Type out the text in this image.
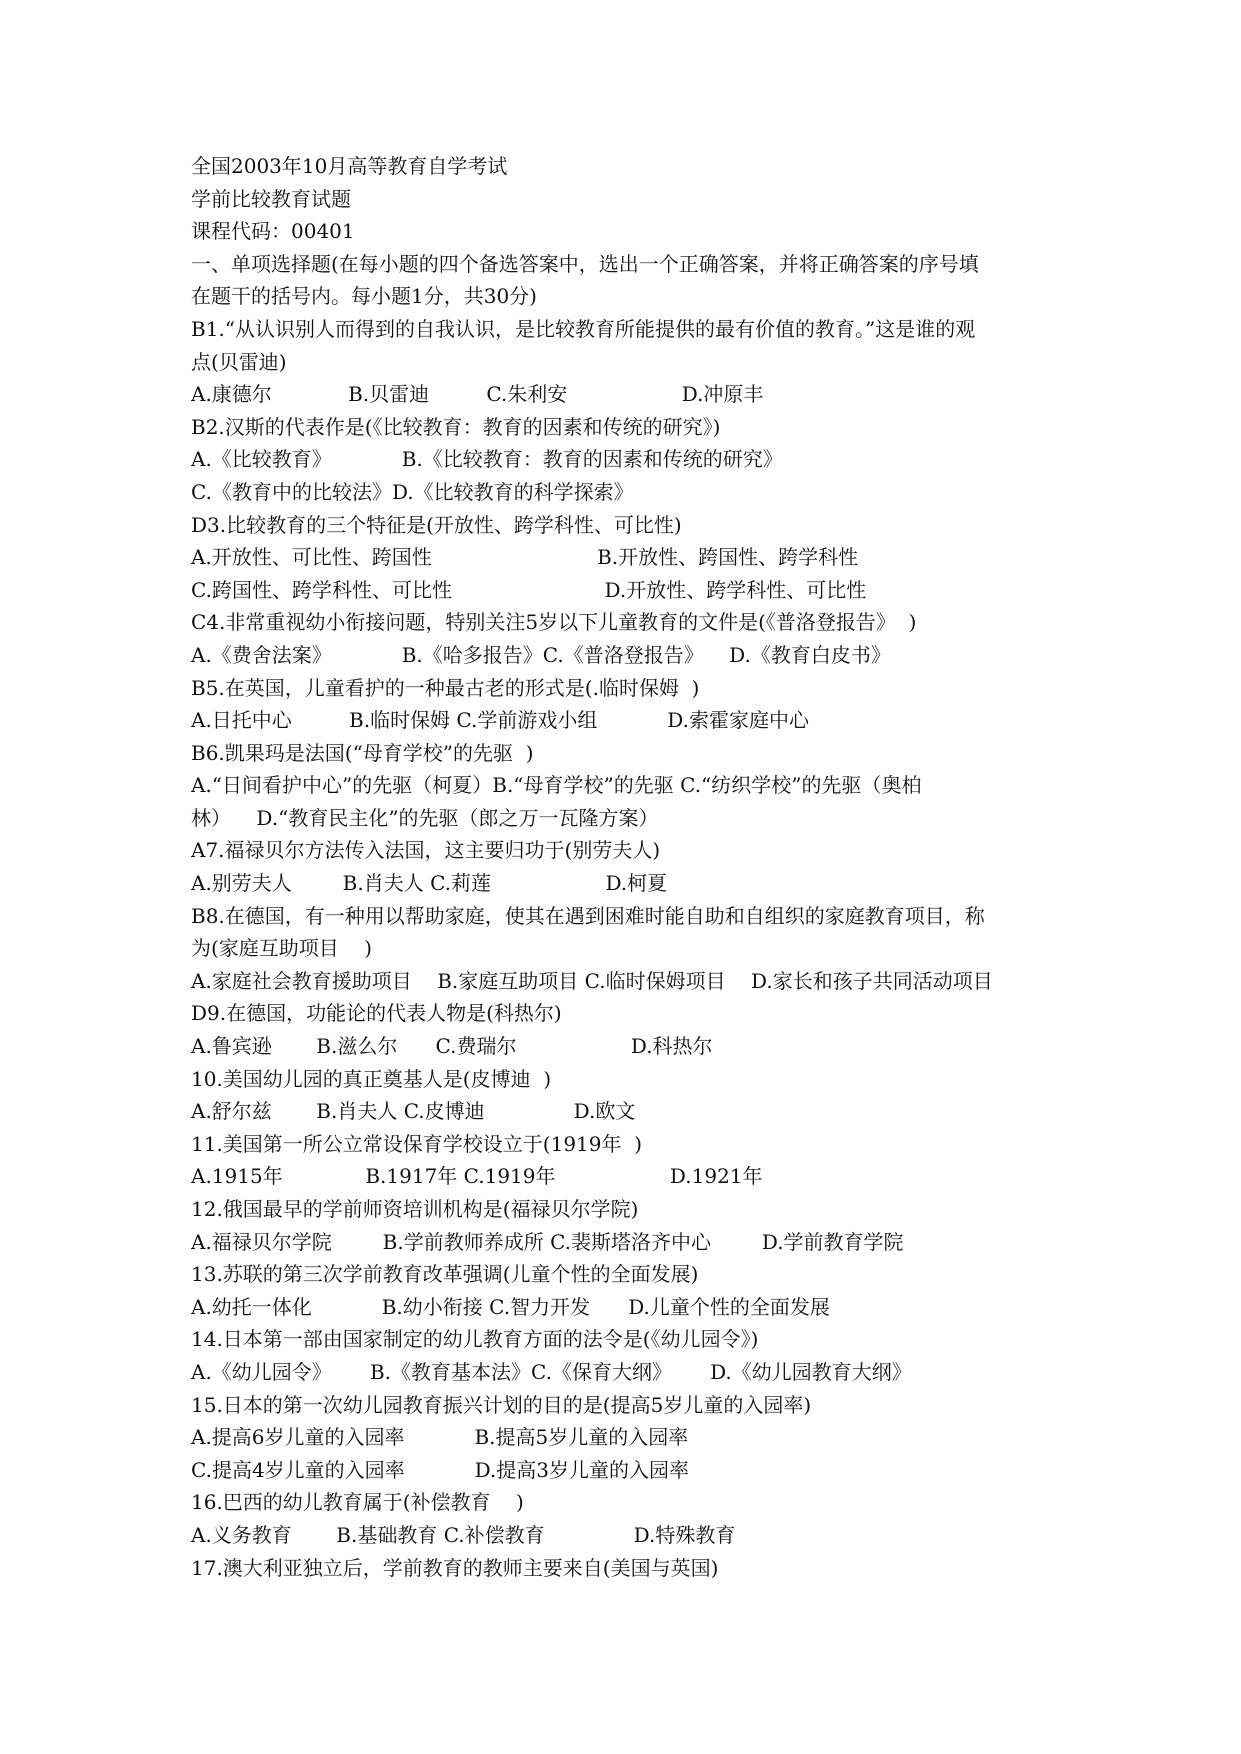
全国2003年10月高等教育自学考试
学前比较教育试题
课程代码：00401
一、单项选择题(在每小题的四个备选答案中，选出一个正确答案，并将正确答案的序号填
在题干的括号内。每小题1分，共30分)
B1.“从认识别人而得到的自我认识，是比较教育所能提供的最有价值的教育。”这是谁的观
点(贝雷迪)
A.康德尔            B.贝雷迪         C.朱利安                  D.冲原丰
B2.汉斯的代表作是(《比较教育：教育的因素和传统的研究》)
A.《比较教育》           B.《比较教育：教育的因素和传统的研究》
C.《教育中的比较法》D.《比较教育的科学探索》
D3.比较教育的三个特征是(开放性、跨学科性、可比性)
A.开放性、可比性、跨国性                          B.开放性、跨国性、跨学科性
C.跨国性、跨学科性、可比性                        D.开放性、跨学科性、可比性
C4.非常重视幼小衔接问题，特别关注5岁以下儿童教育的文件是(《普洛登报告》  )
A.《费舍法案》           B.《哈多报告》C.《普洛登报告》    D.《教育白皮书》
B5.在英国，儿童看护的一种最古老的形式是(.临时保姆  )
A.日托中心         B.临时保姆 C.学前游戏小组           D.索霍家庭中心
B6.凯果玛是法国(“母育学校”的先驱  )
A.“日间看护中心”的先驱（柯夏）B.“母育学校”的先驱 C.“纺织学校”的先驱（奥柏
林）    D.“教育民主化”的先驱（郎之万一瓦隆方案）
A7.福禄贝尔方法传入法国，这主要归功于(别劳夫人)
A.别劳夫人        B.肖夫人 C.莉莲                  D.柯夏
B8.在德国，有一种用以帮助家庭，使其在遇到困难时能自助和自组织的家庭教育项目，称
为(家庭互助项目    )
A.家庭社会教育援助项目    B.家庭互助项目 C.临时保姆项目    D.家长和孩子共同活动项目
D9.在德国，功能论的代表人物是(科热尔)
A.鲁宾逊       B.滋么尔      C.费瑞尔                  D.科热尔
10.美国幼儿园的真正奠基人是(皮博迪  )
A.舒尔兹       B.肖夫人 C.皮博迪              D.欧文
11.美国第一所公立常设保育学校设立于(1919年  )
A.1915年             B.1917年 C.1919年                  D.1921年
12.俄国最早的学前师资培训机构是(福禄贝尔学院)
A.福禄贝尔学院        B.学前教师养成所 C.裴斯塔洛齐中心        D.学前教育学院
13.苏联的第三次学前教育改革强调(儿童个性的全面发展)
A.幼托一体化           B.幼小衔接 C.智力开发      D.儿童个性的全面发展
14.日本第一部由国家制定的幼儿教育方面的法令是(《幼儿园令》)
A.《幼儿园令》      B.《教育基本法》C.《保育大纲》      D.《幼儿园教育大纲》
15.日本的第一次幼儿园教育振兴计划的目的是(提高5岁儿童的入园率)
A.提高6岁儿童的入园率           B.提高5岁儿童的入园率
C.提高4岁儿童的入园率           D.提高3岁儿童的入园率
16.巴西的幼儿教育属于(补偿教育    )
A.义务教育       B.基础教育 C.补偿教育              D.特殊教育
17.澳大利亚独立后，学前教育的教师主要来自(美国与英国)
